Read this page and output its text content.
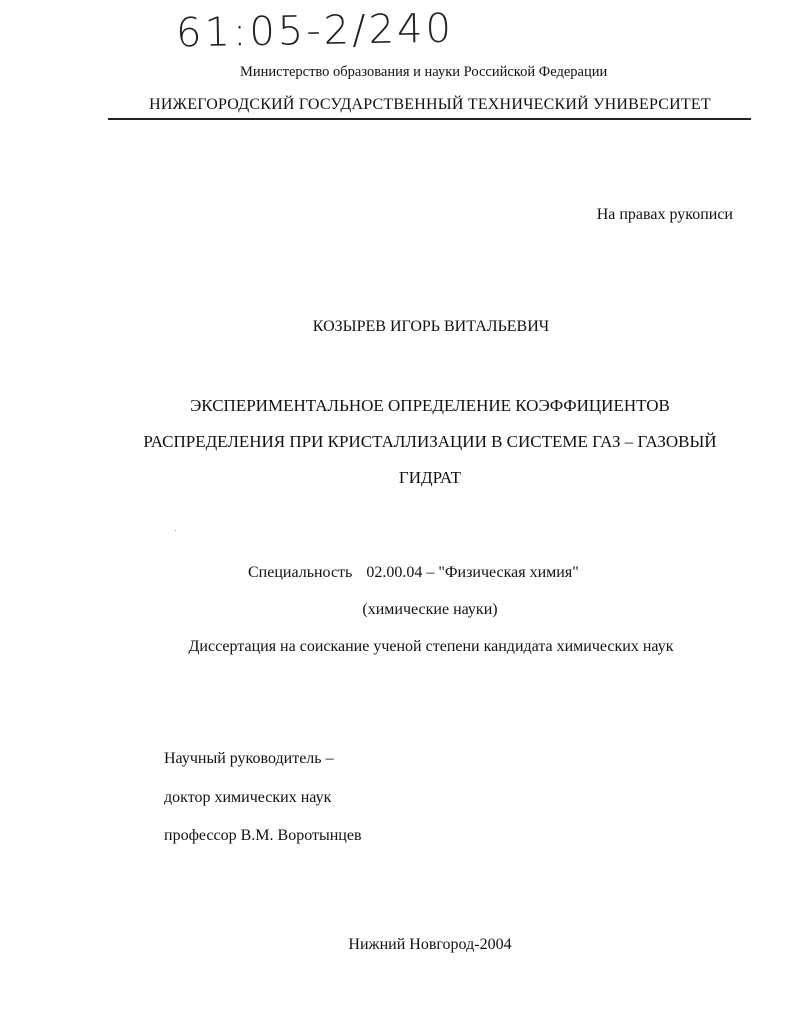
61:05-2/240
Министерство образования и науки Российской Федерации
НИЖЕГОРОДСКИЙ ГОСУДАРСТВЕННЫЙ ТЕХНИЧЕСКИЙ УНИВЕРСИТЕТ
На правах рукописи
КОЗЫРЕВ ИГОРЬ ВИТАЛЬЕВИЧ
ЭКСПЕРИМЕНТАЛЬНОЕ ОПРЕДЕЛЕНИЕ КОЭФФИЦИЕНТОВ
РАСПРЕДЕЛЕНИЯ ПРИ КРИСТАЛЛИЗАЦИИ В СИСТЕМЕ ГАЗ – ГАЗОВЫЙ
ГИДРАТ
Специальность 02.00.04 – "Физическая химия"
(химические науки)
Диссертация на соискание ученой степени кандидата химических наук
Научный руководитель –
доктор химических наук
профессор В.М. Воротынцев
Нижний Новгород-2004
